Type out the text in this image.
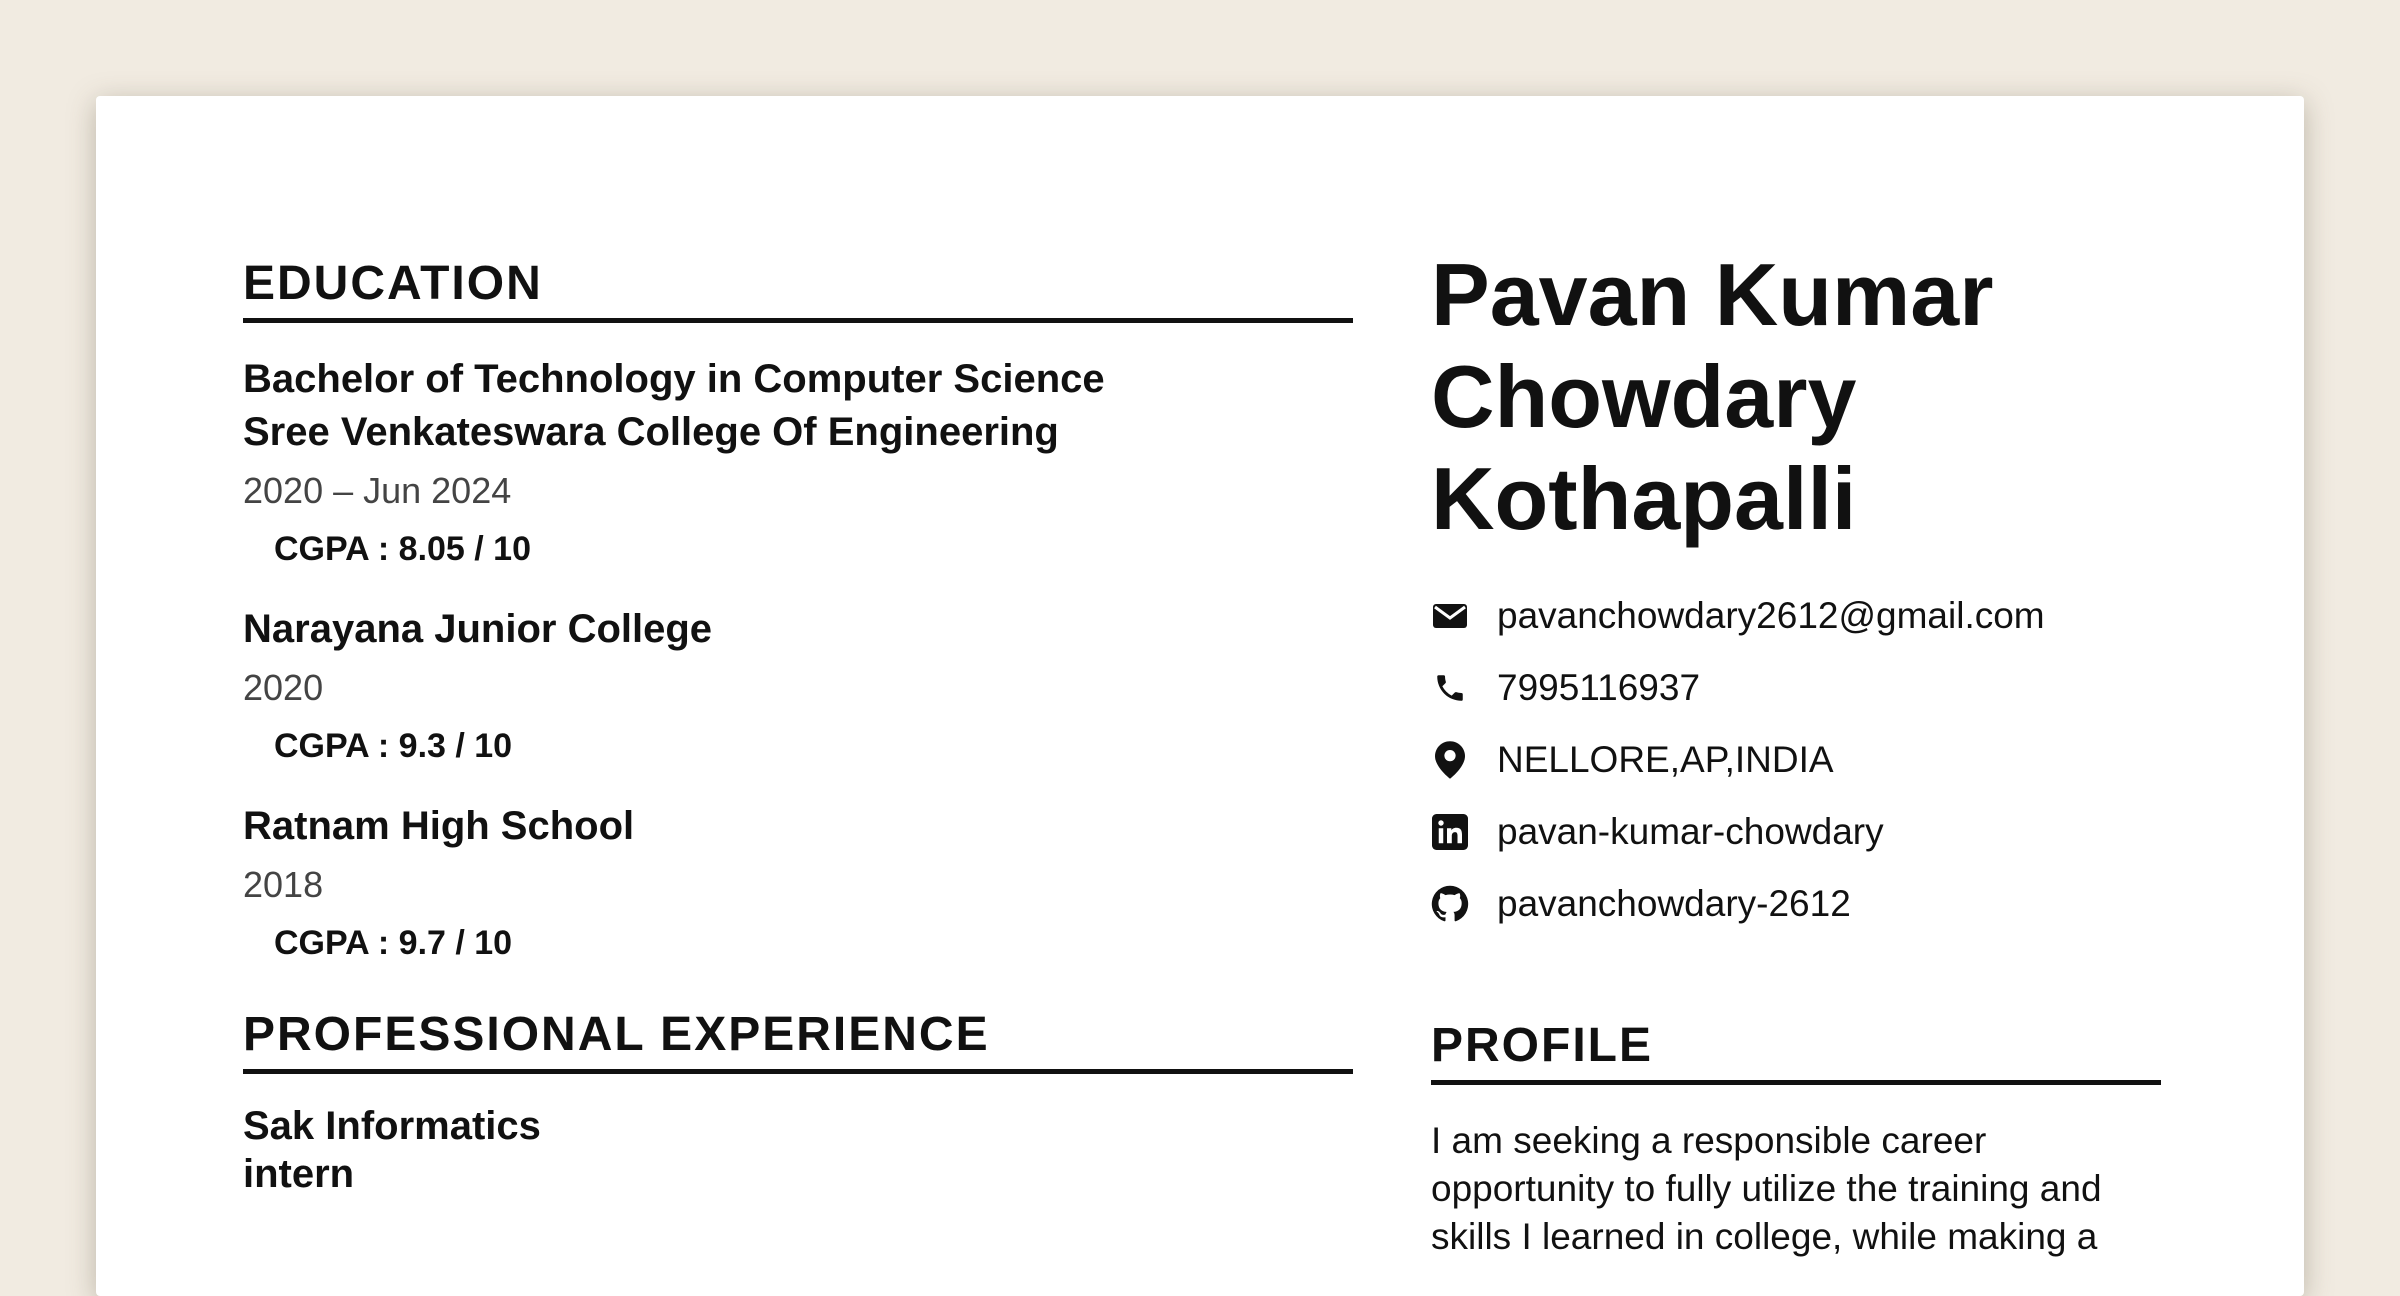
EDUCATION
Bachelor of Technology in Computer Science
Sree Venkateswara College Of Engineering
2020 – Jun 2024
CGPA : 8.05 / 10
Narayana Junior College
2020
CGPA : 9.3 / 10
Ratnam High School
2018
CGPA : 9.7 / 10
PROFESSIONAL EXPERIENCE
Sak Informatics
intern
Pavan Kumar Chowdary Kothapalli
pavanchowdary2612@gmail.com
7995116937
NELLORE,AP,INDIA
pavan-kumar-chowdary
pavanchowdary-2612
PROFILE
I am seeking a responsible career opportunity to fully utilize the training and skills I learned in college, while making a
